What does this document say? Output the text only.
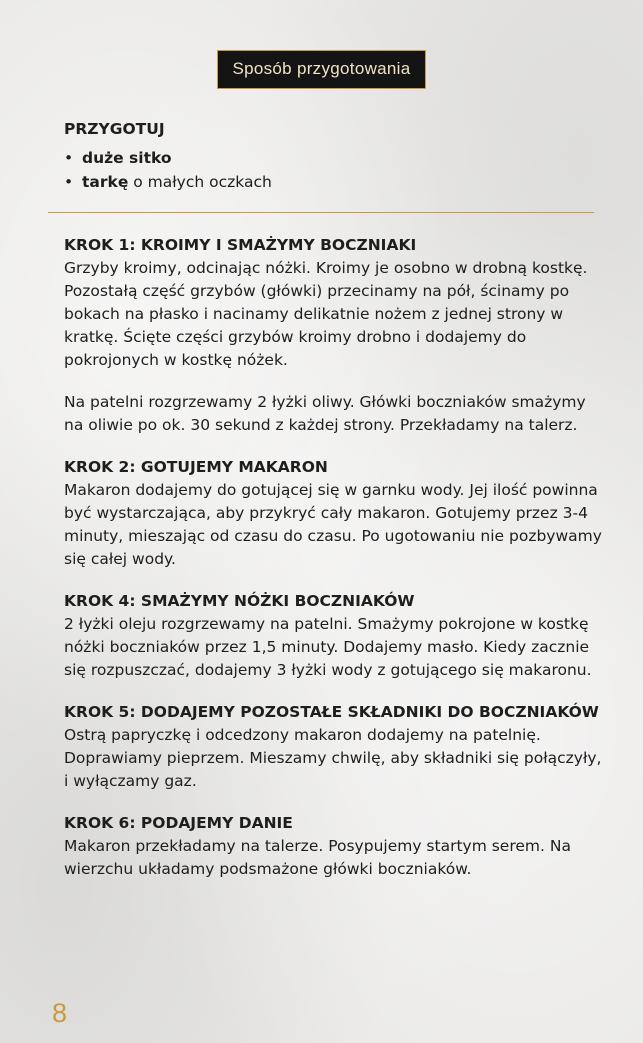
Sposób przygotowania
PRZYGOTUJ
• duże sitko
• tarkę o małych oczkach

KROK 1: KROIMY I SMAŻYMY BOCZNIAKI

Grzyby kroimy, odcinając nóżki. Kroimy je osobno w drobną kostkę. Pozostałą część grzybów (główki) przecinamy na pół, ścinamy po bokach na płasko i nacinamy delikatnie nożem z jednej strony w kratkę. Ścięte części grzybów kroimy drobno i dodajemy do pokrojonych w kostkę nóżek.

Na patelni rozgrzewamy 2 łyżki oliwy. Główki boczniaków smażymy na oliwie po ok. 30 sekund z każdej strony. Przekładamy na talerz.

KROK 2: GOTUJEMY MAKARON

Makaron dodajemy do gotującej się w garnku wody. Jej ilość powinna być wystarczająca, aby przykryć cały makaron. Gotujemy przez 3-4 minuty, mieszając od czasu do czasu. Po ugotowaniu nie pozbywamy się całej wody.

KROK 4: SMAŻYMY NÓŻKI BOCZNIAKÓW

2 łyżki oleju rozgrzewamy na patelni. Smażymy pokrojone w kostkę nóżki boczniaków przez 1,5 minuty. Dodajemy masło. Kiedy zacznie się rozpuszczać, dodajemy 3 łyżki wody z gotującego się makaronu.

KROK 5: DODAJEMY POZOSTAŁE SKŁADNIKI DO BOCZNIAKÓW

Ostrą papryczkę i odcedzony makaron dodajemy na patelnię. Doprawiamy pieprzem. Mieszamy chwilę, aby składniki się połączyły, i wyłączamy gaz.

KROK 6: PODAJEMY DANIE

Makaron przekładamy na talerze. Posypujemy startym serem. Na wierzchu układamy podsmażone główki boczniaków.

8
